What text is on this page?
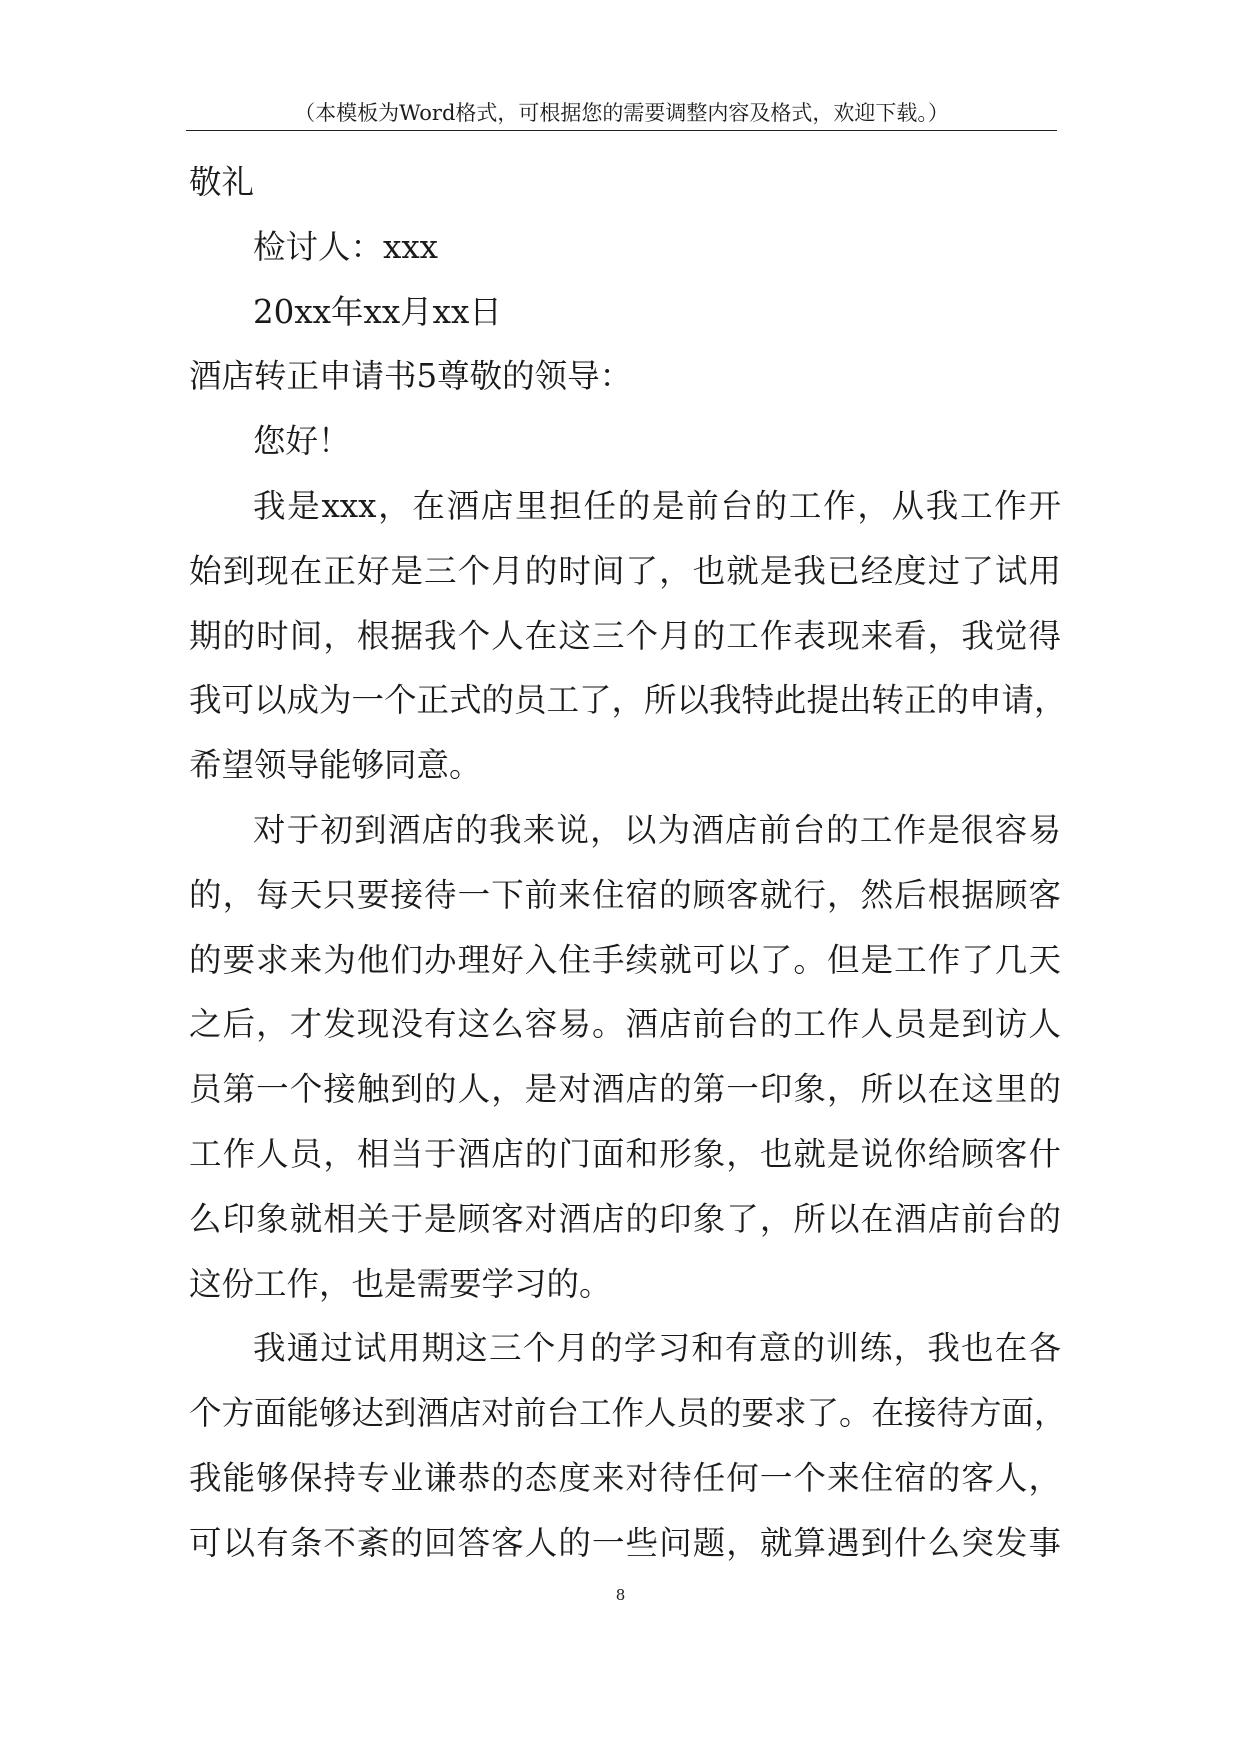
（本模板为Word格式，可根据您的需要调整内容及格式，欢迎下载。）
敬礼
检讨人：xxx
20xx年xx月xx日
酒店转正申请书5尊敬的领导：
您好！
我是xxx，在酒店里担任的是前台的工作，从我工作开
始到现在正好是三个月的时间了，也就是我已经度过了试用
期的时间，根据我个人在这三个月的工作表现来看，我觉得
我可以成为一个正式的员工了，所以我特此提出转正的申请，
希望领导能够同意。
对于初到酒店的我来说，以为酒店前台的工作是很容易
的，每天只要接待一下前来住宿的顾客就行，然后根据顾客
的要求来为他们办理好入住手续就可以了。但是工作了几天
之后，才发现没有这么容易。酒店前台的工作人员是到访人
员第一个接触到的人，是对酒店的第一印象，所以在这里的
工作人员，相当于酒店的门面和形象，也就是说你给顾客什
么印象就相关于是顾客对酒店的印象了，所以在酒店前台的
这份工作，也是需要学习的。
我通过试用期这三个月的学习和有意的训练，我也在各
个方面能够达到酒店对前台工作人员的要求了。在接待方面，
我能够保持专业谦恭的态度来对待任何一个来住宿的客人，
可以有条不紊的回答客人的一些问题，就算遇到什么突发事
8
